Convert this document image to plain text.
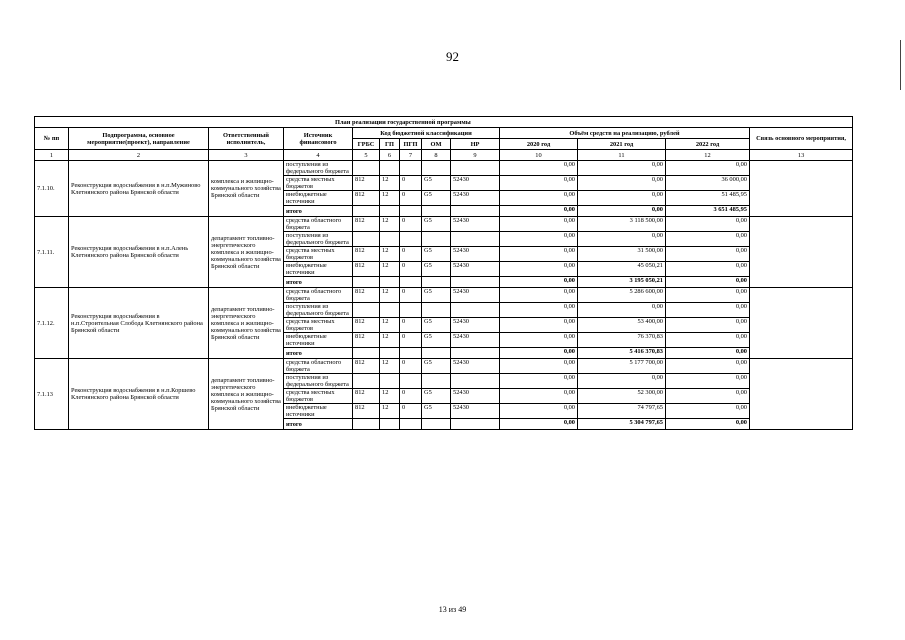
92
План реализации государственной программы												
№ пп	Подпрограмма, основное мероприятие(проект), направление	Ответственный исполнитель,	Источник финансового	Код бюджетной классификации					Объём средств на реализацию, рублей			Связь основного мероприятия,
				ГРБС	ГП	ПГП	ОМ	НР	2020 год	2021 год	2022 год	
1	2	3	4	5	6	7	8	9	10	11	12	13
7.1.10.	Реконструкция водоснабжения в н.п.Мужиново Клетнянского района Брянской области	комплекса и жилищно-коммунального хозяйства Брянской области	поступления из федерального бюджета						0,00	0,00	0,00	
			средства местных бюджетов	812	12	0	G5	52430	0,00	0,00	36 000,00	
			внебюджетные источники	812	12	0	G5	52430	0,00	0,00	51 485,95	
			итого						0,00	0,00	3 651 485,95	
7.1.11.	Реконструкция водоснабжения в н.п.Алень Клетнянского района Брянской области	департамент топливно-энергетического комплекса и жилищно-коммунального хозяйства Брянской области	средства областного бюджета	812	12	0	G5	52430	0,00	3 118 500,00	0,00	
			поступления из федерального бюджета						0,00	0,00	0,00	
			средства местных бюджетов	812	12	0	G5	52430	0,00	31 500,00	0,00	
			внебюджетные источники	812	12	0	G5	52430	0,00	45 050,21	0,00	
			итого						0,00	3 195 050,21	0,00	
7.1.12.	Реконструкция водоснабжения в н.п.Строительная Слобода Клетнянского района Брянской области	департамент топливно-энергетического комплекса и жилищно-коммунального хозяйства Брянской области	средства областного бюджета	812	12	0	G5	52430	0,00	5 286 600,00	0,00	
			поступления из федерального бюджета						0,00	0,00	0,00	
			средства местных бюджетов	812	12	0	G5	52430	0,00	53 400,00	0,00	
			внебюджетные источники	812	12	0	G5	52430	0,00	76 370,83	0,00	
			итого						0,00	5 416 370,83	0,00	
7.1.13	Реконструкция водоснабжения в н.п.Коршево Клетнянского района Брянской области	департамент топливно-энергетического комплекса и жилищно-коммунального хозяйства Брянской области	средства областного бюджета	812	12	0	G5	52430	0,00	5 177 700,00	0,00	
			поступления из федерального бюджета						0,00	0,00	0,00	
			средства местных бюджетов	812	12	0	G5	52430	0,00	52 300,00	0,00	
			внебюджетные источники	812	12	0	G5	52430	0,00	74 797,65	0,00	
			итого						0,00	5 304 797,65	0,00	
13 из 49
